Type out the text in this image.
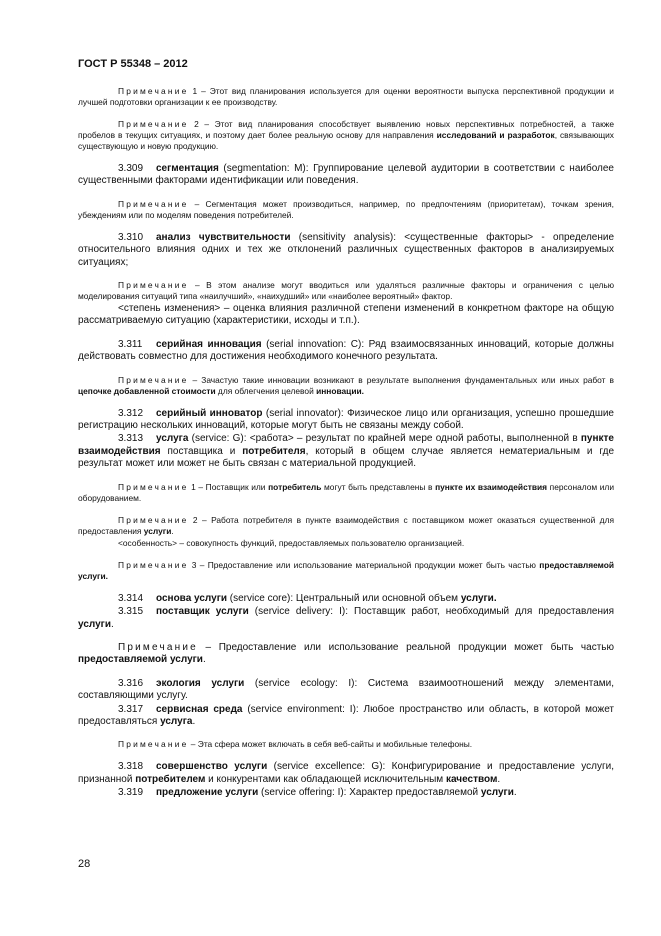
ГОСТ Р 55348 – 2012

Примечание 1 – Этот вид планирования используется для оценки вероятности выпуска перспективной продукции и лучшей подготовки организации к ее производству.

Примечание 2 – Этот вид планирования способствует выявлению новых перспективных потребностей, а также пробелов в текущих ситуациях, и поэтому дает более реальную основу для направления исследований и разработок, связывающих существующую и новую продукцию.

3.309 сегментация (segmentation: M): Группирование целевой аудитории в соответствии с наиболее существенными факторами идентификации или поведения.

Примечание – Сегментация может производиться, например, по предпочтениям (приоритетам), точкам зрения, убеждениям или по моделям поведения потребителей.

3.310 анализ чувствительности (sensitivity analysis): <существенные факторы> - определение относительного влияния одних и тех же отклонений различных существенных факторов в анализируемых ситуациях;

Примечание – В этом анализе могут вводиться или удаляться различные факторы и ограничения с целью моделирования ситуаций типа «наилучший», «наихудший» или «наиболее вероятный» фактор.

<степень изменения> – оценка влияния различной степени изменений в конкретном факторе на общую рассматриваемую ситуацию (характеристики, исходы и т.п.).

3.311 серийная инновация (serial innovation: C): Ряд взаимосвязанных инноваций, которые должны действовать совместно для достижения необходимого конечного результата.

Примечание – Зачастую такие инновации возникают в результате выполнения фундаментальных или иных работ в цепочке добавленной стоимости для облегчения целевой инновации.

3.312 серийный инноватор (serial innovator): Физическое лицо или организация, успешно прошедшие регистрацию нескольких инноваций, которые могут быть не связаны между собой.

3.313 услуга (service: G): <работа> – результат по крайней мере одной работы, выполненной в пункте взаимодействия поставщика и потребителя, который в общем случае является нематериальным и где результат может или может не быть связан с материальной продукцией.

Примечание 1 – Поставщик или потребитель могут быть представлены в пункте их взаимодействия персоналом или оборудованием.

Примечание 2 – Работа потребителя в пункте взаимодействия с поставщиком может оказаться существенной для предоставления услуги.

<особенность> – совокупность функций, предоставляемых пользователю организацией.

Примечание 3 – Предоставление или использование материальной продукции может быть частью предоставляемой услуги.

3.314 основа услуги (service core): Центральный или основной объем услуги.

3.315 поставщик услуги (service delivery: I): Поставщик работ, необходимый для предоставления услуги.

Примечание – Предоставление или использование реальной продукции может быть частью предоставляемой услуги.

3.316 экология услуги (service ecology: I): Система взаимоотношений между элементами, составляющими услугу.

3.317 сервисная среда (service environment: I): Любое пространство или область, в которой может предоставляться услуга.

Примечание – Эта сфера может включать в себя веб-сайты и мобильные телефоны.

3.318 совершенство услуги (service excellence: G): Конфигурирование и предоставление услуги, признанной потребителем и конкурентами как обладающей исключительным качеством.

3.319 предложение услуги (service offering: I): Характер предоставляемой услуги.

28
